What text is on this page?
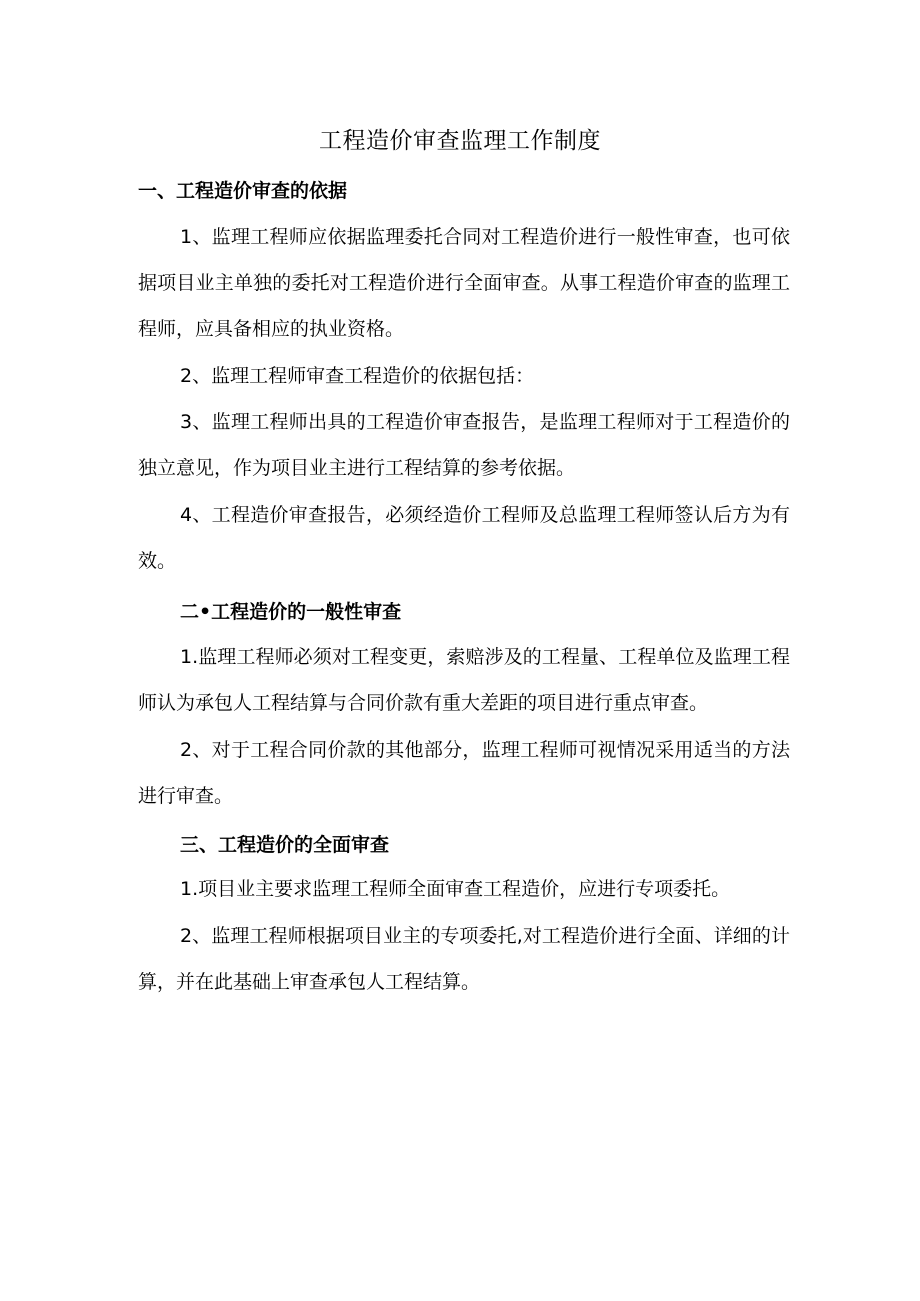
工程造价审查监理工作制度
一、工程造价审查的依据
1、监理工程师应依据监理委托合同对工程造价进行一般性审查，也可依据项目业主单独的委托对工程造价进行全面审查。从事工程造价审查的监理工程师，应具备相应的执业资格。
2、监理工程师审查工程造价的依据包括：
3、监理工程师出具的工程造价审查报告，是监理工程师对于工程造价的独立意见，作为项目业主进行工程结算的参考依据。
4、工程造价审查报告，必须经造价工程师及总监理工程师签认后方为有效。
二•工程造价的一般性审查
1.监理工程师必须对工程变更，索赔涉及的工程量、工程单位及监理工程师认为承包人工程结算与合同价款有重大差距的项目进行重点审查。
2、对于工程合同价款的其他部分，监理工程师可视情况采用适当的方法进行审查。
三、工程造价的全面审查
1.项目业主要求监理工程师全面审查工程造价，应进行专项委托。
2、监理工程师根据项目业主的专项委托,对工程造价进行全面、详细的计算，并在此基础上审查承包人工程结算。
